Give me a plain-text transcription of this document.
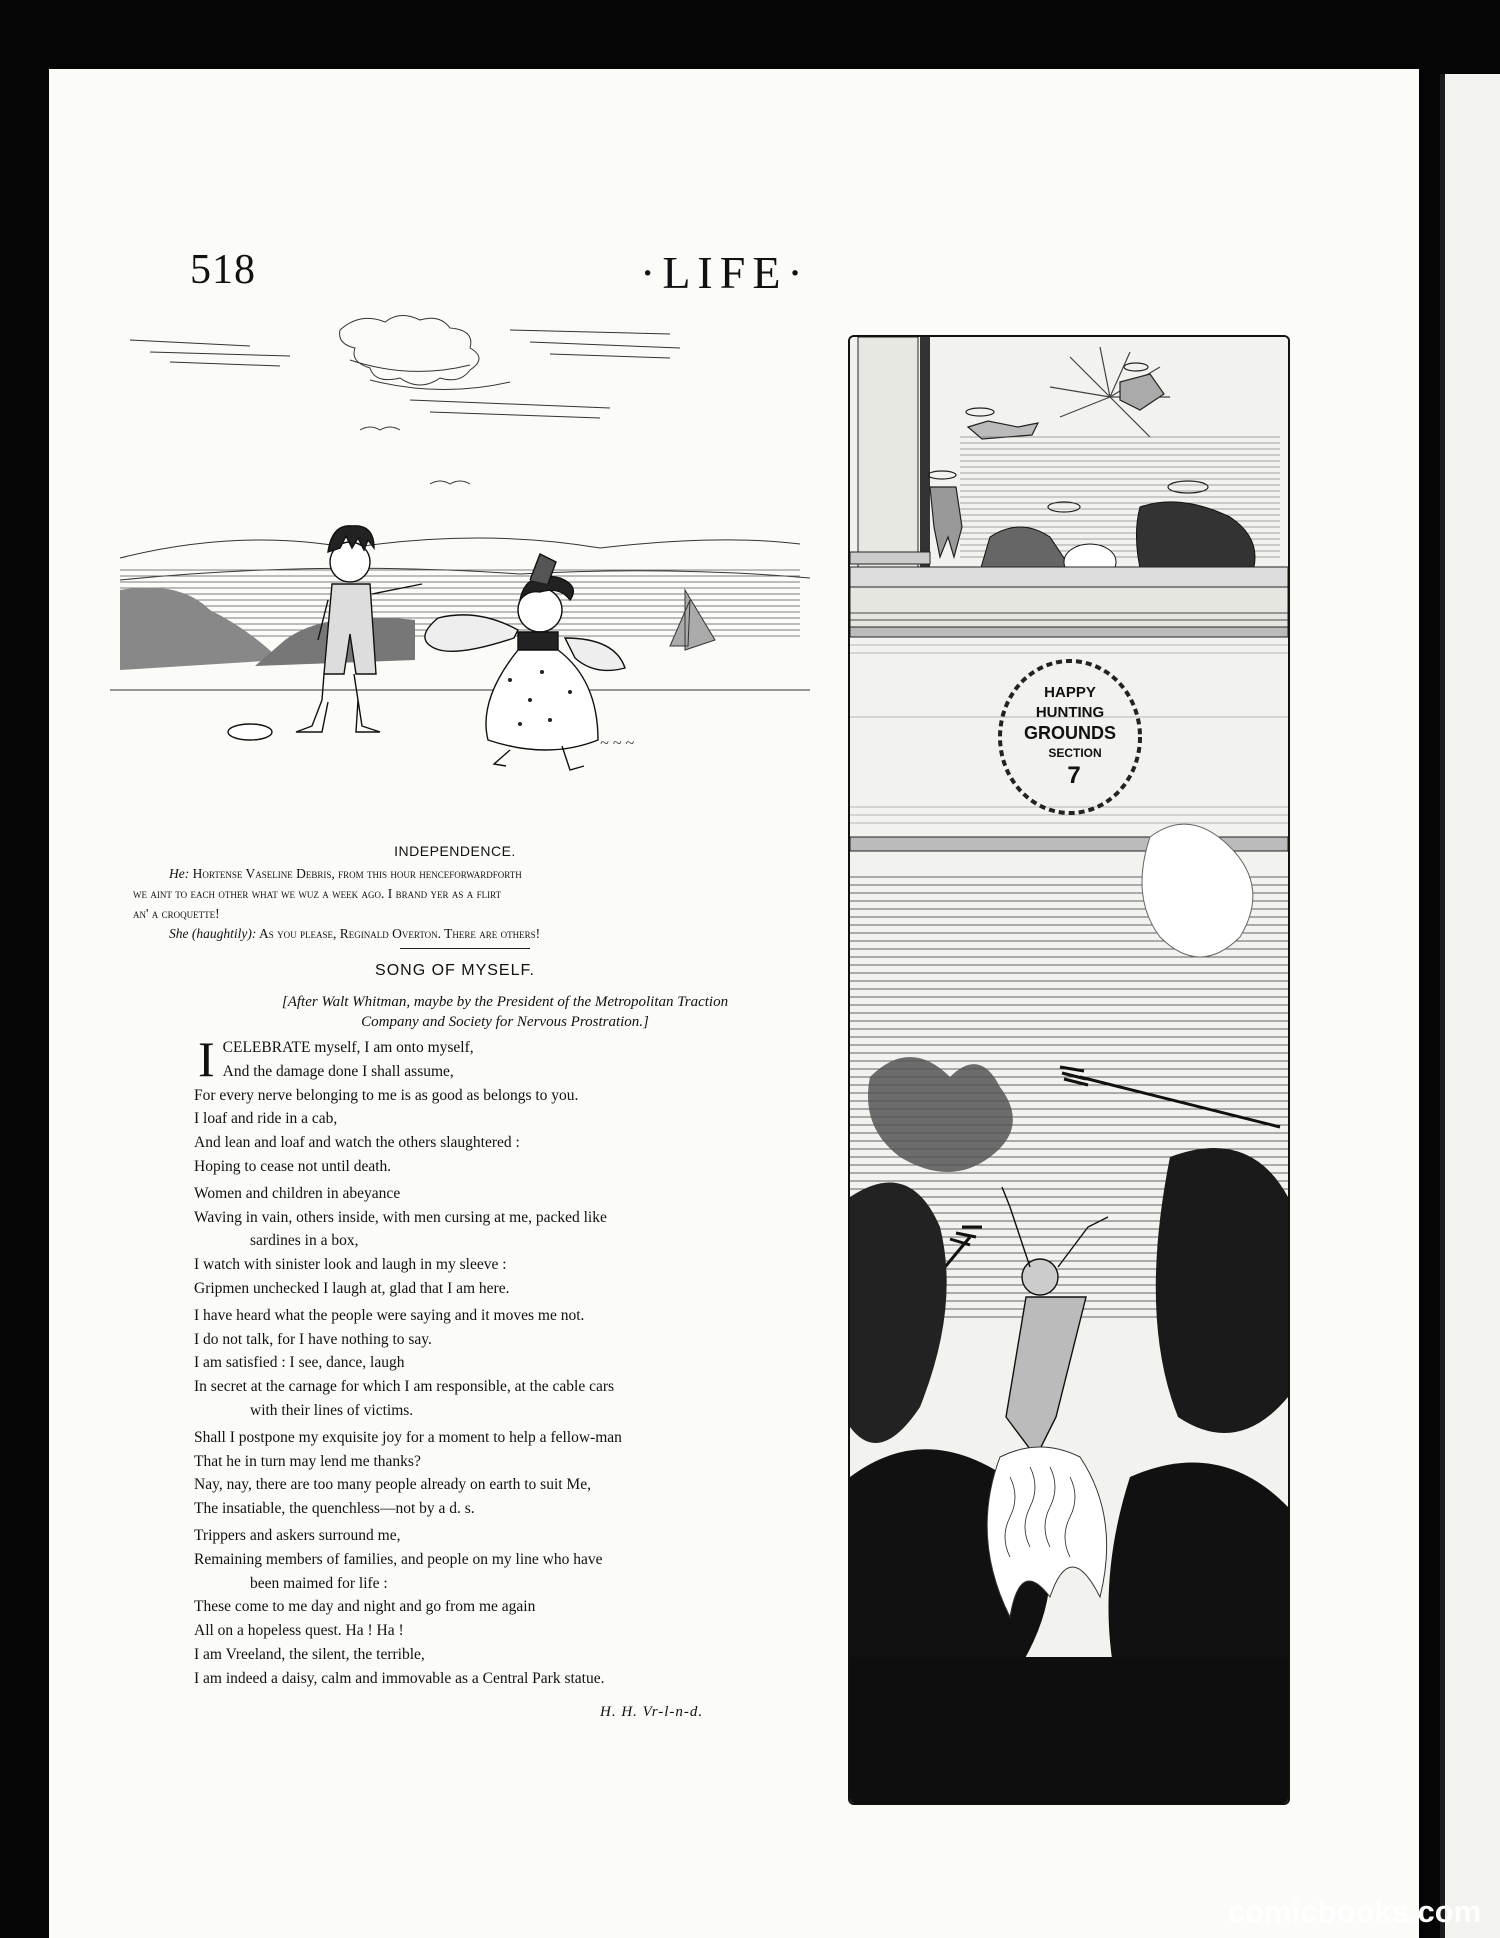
518	·LIFE·
~ ~ ~
INDEPENDENCE.
He: Hortense Vaseline Debris, from this hour henceforwardforth
we aint to each other what we wuz a week ago. I brand yer as a flirt
an' a croquette!
She (haughtily): As you please, Reginald Overton. There are others!
SONG OF MYSELF.
[After Walt Whitman, maybe by the President of the Metropolitan Traction
Company and Society for Nervous Prostration.]
I CELEBRATE myself, I am onto myself,
And the damage done I shall assume,
For every nerve belonging to me is as good as belongs to you.
I loaf and ride in a cab,
And lean and loaf and watch the others slaughtered :
Hoping to cease not until death.
Women and children in abeyance
Waving in vain, others inside, with men cursing at me, packed like
sardines in a box,
I watch with sinister look and laugh in my sleeve :
Gripmen unchecked I laugh at, glad that I am here.
I have heard what the people were saying and it moves me not.
I do not talk, for I have nothing to say.
I am satisfied : I see, dance, laugh
In secret at the carnage for which I am responsible, at the cable cars
with their lines of victims.
Shall I postpone my exquisite joy for a moment to help a fellow-man
That he in turn may lend me thanks?
Nay, nay, there are too many people already on earth to suit Me,
The insatiable, the quenchless—not by a d. s.
Trippers and askers surround me,
Remaining members of families, and people on my line who have
been maimed for life :
These come to me day and night and go from me again
All on a hopeless quest. Ha ! Ha !
I am Vreeland, the silent, the terrible,
I am indeed a daisy, calm and immovable as a Central Park statue.
H. H. Vr-l-n-d.
HAPPY
HUNTING
GROUNDS
SECTION
7
" Why, that is Professor Sawyer who
used to vivisect us to make his lectures
interesting."
comicbooks.com
